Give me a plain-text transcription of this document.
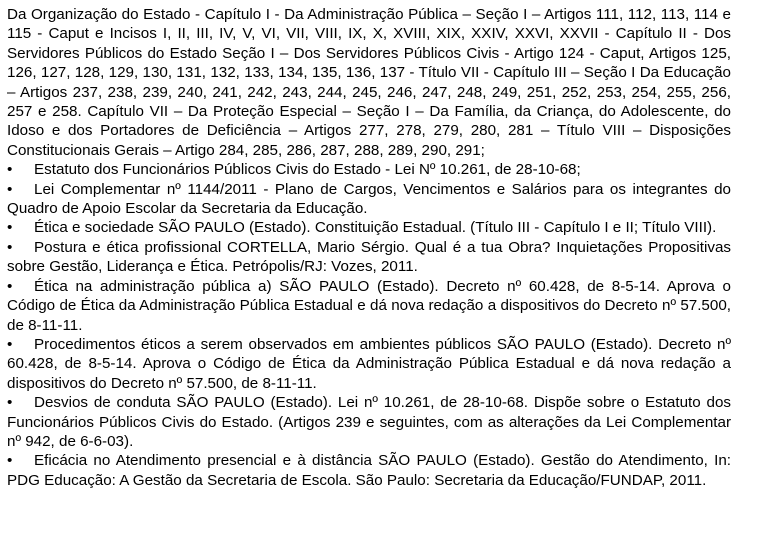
Da Organização do Estado - Capítulo I - Da Administração Pública – Seção I – Artigos 111, 112, 113, 114 e 115 - Caput e Incisos I, II, III, IV, V, VI, VII, VIII, IX, X, XVIII, XIX, XXIV, XXVI, XXVII - Capítulo II - Dos Servidores Públicos do Estado Seção I – Dos Servidores Públicos Civis - Artigo 124 - Caput, Artigos 125, 126, 127, 128, 129, 130, 131, 132, 133, 134, 135, 136, 137 - Título VII - Capítulo III – Seção I Da Educação – Artigos 237, 238, 239, 240, 241, 242, 243, 244, 245, 246, 247, 248, 249, 251, 252, 253, 254, 255, 256, 257 e 258. Capítulo VII – Da Proteção Especial – Seção I – Da Família, da Criança, do Adolescente, do Idoso e dos Portadores de Deficiência – Artigos 277, 278, 279, 280, 281 – Título VIII – Disposições Constitucionais Gerais – Artigo 284, 285, 286, 287, 288, 289, 290, 291;

• Estatuto dos Funcionários Públicos Civis do Estado - Lei Nº 10.261, de 28-10-68;

• Lei Complementar nº 1144/2011 - Plano de Cargos, Vencimentos e Salários para os integrantes do Quadro de Apoio Escolar da Secretaria da Educação.

• Ética e sociedade SÃO PAULO (Estado). Constituição Estadual. (Título III - Capítulo I e II; Título VIII).

• Postura e ética profissional CORTELLA, Mario Sérgio. Qual é a tua Obra? Inquietações Propositivas sobre Gestão, Liderança e Ética. Petrópolis/RJ: Vozes, 2011.

• Ética na administração pública a) SÃO PAULO (Estado). Decreto nº 60.428, de 8-5-14. Aprova o Código de Ética da Administração Pública Estadual e dá nova redação a dispositivos do Decreto nº 57.500, de 8-11-11.

• Procedimentos éticos a serem observados em ambientes públicos SÃO PAULO (Estado). Decreto nº 60.428, de 8-5-14. Aprova o Código de Ética da Administração Pública Estadual e dá nova redação a dispositivos do Decreto nº 57.500, de 8-11-11.

• Desvios de conduta SÃO PAULO (Estado). Lei nº 10.261, de 28-10-68. Dispõe sobre o Estatuto dos Funcionários Públicos Civis do Estado. (Artigos 239 e seguintes, com as alterações da Lei Complementar nº 942, de 6-6-03).

• Eficácia no Atendimento presencial e à distância SÃO PAULO (Estado). Gestão do Atendimento, In: PDG Educação: A Gestão da Secretaria de Escola. São Paulo: Secretaria da Educação/FUNDAP, 2011.
